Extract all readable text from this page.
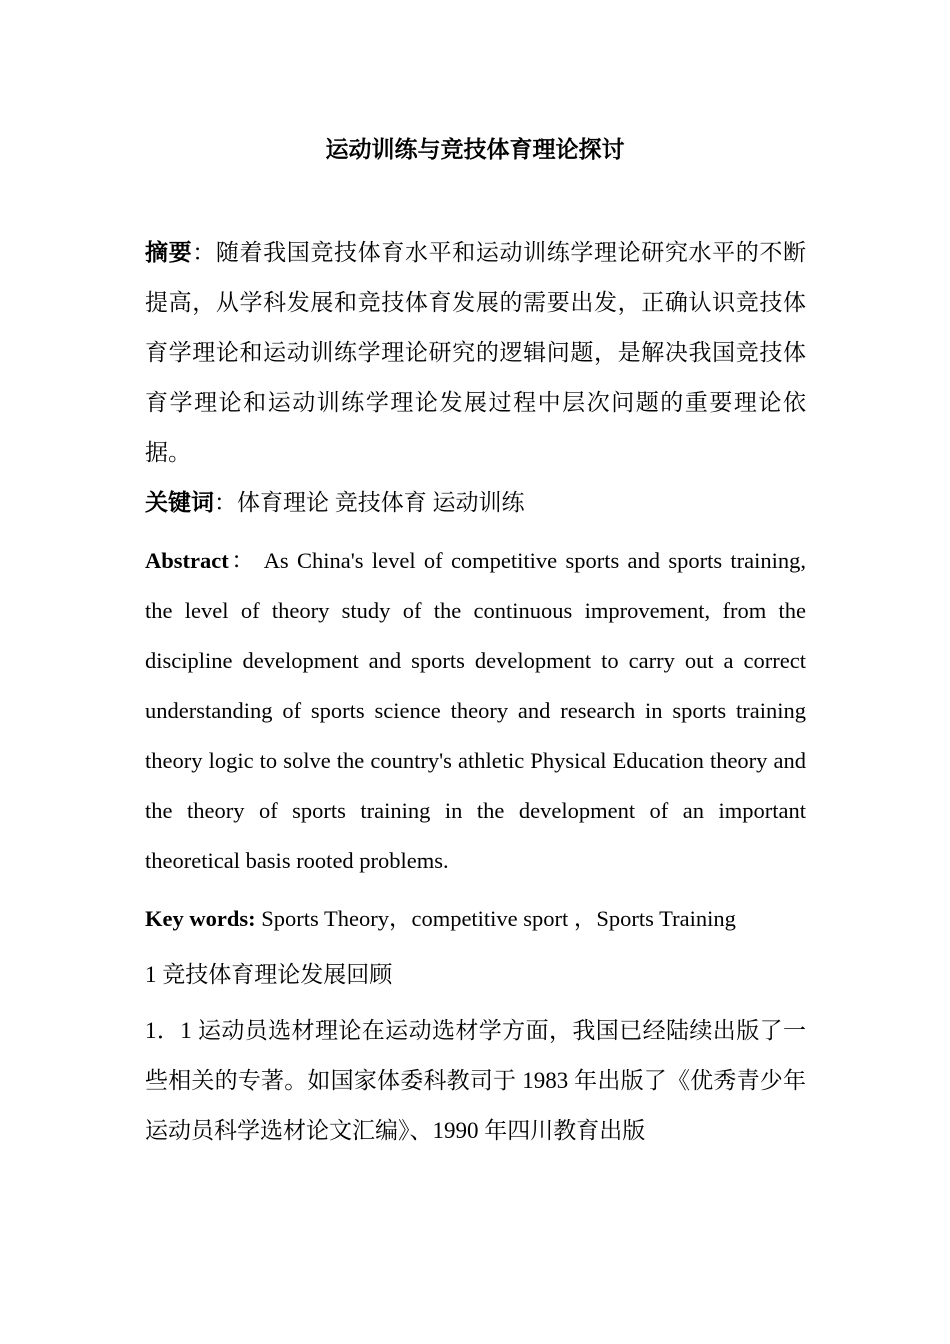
运动训练与竞技体育理论探讨

摘要：随着我国竞技体育水平和运动训练学理论研究水平的不断提高，从学科发展和竞技体育发展的需要出发，正确认识竞技体育学理论和运动训练学理论研究的逻辑问题，是解决我国竞技体育学理论和运动训练学理论发展过程中层次问题的重要理论依据。

关键词：体育理论 竞技体育 运动训练

Abstract： As China's level of competitive sports and sports training, the level of theory study of the continuous improvement, from the discipline development and sports development to carry out a correct understanding of sports science theory and research in sports training theory logic to solve the country's athletic Physical Education theory and the theory of sports training in the development of an important theoretical basis rooted problems.

Key words: Sports Theory，competitive sport ，Sports Training

1 竞技体育理论发展回顾

1．1 运动员选材理论在运动选材学方面，我国已经陆续出版了一些相关的专著。如国家体委科教司于 1983 年出版了《优秀青少年运动员科学选材论文汇编》、1990 年四川教育出版
